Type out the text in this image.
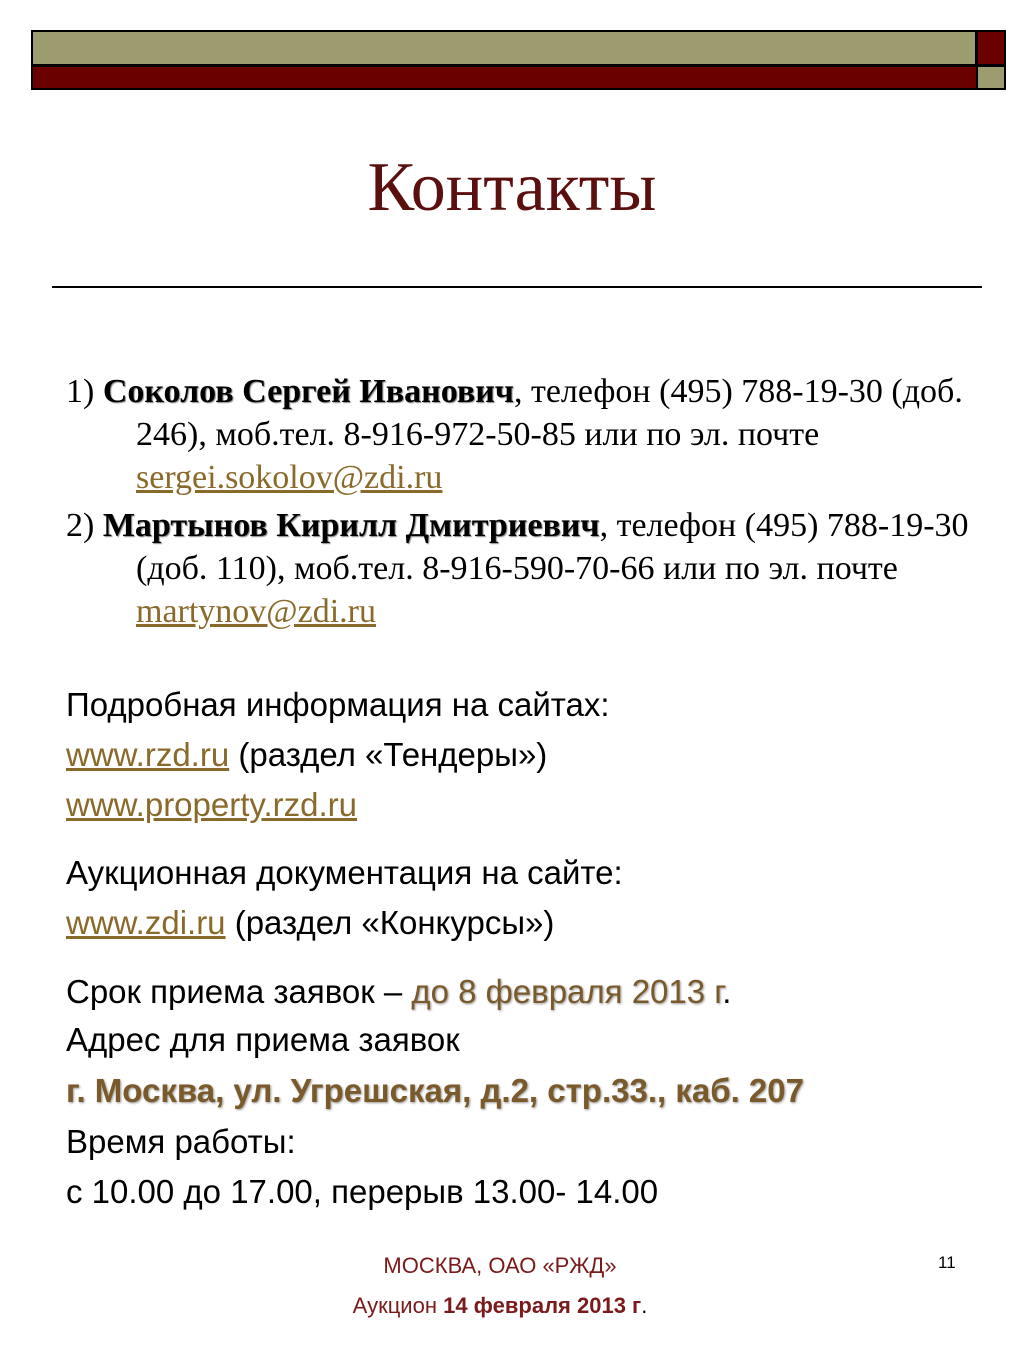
Контакты
1) Соколов Сергей Иванович, телефон (495) 788-19-30 (доб. 246), моб.тел. 8-916-972-50-85 или по эл. почте sergei.sokolov@zdi.ru
2) Мартынов Кирилл Дмитриевич, телефон (495) 788-19-30 (доб. 110), моб.тел. 8-916-590-70-66 или по эл. почте martynov@zdi.ru
Подробная информация на сайтах:
www.rzd.ru (раздел «Тендеры»)
www.property.rzd.ru
Аукционная документация на сайте:
www.zdi.ru (раздел «Конкурсы»)
Срок приема заявок – до 8 февраля 2013 г.
Адрес для приема заявок
г. Москва, ул. Угрешская, д.2, стр.33., каб. 207
Время работы:
с 10.00 до 17.00, перерыв 13.00- 14.00
11
МОСКВА, ОАО «РЖД»
Аукцион 14 февраля 2013 г.
